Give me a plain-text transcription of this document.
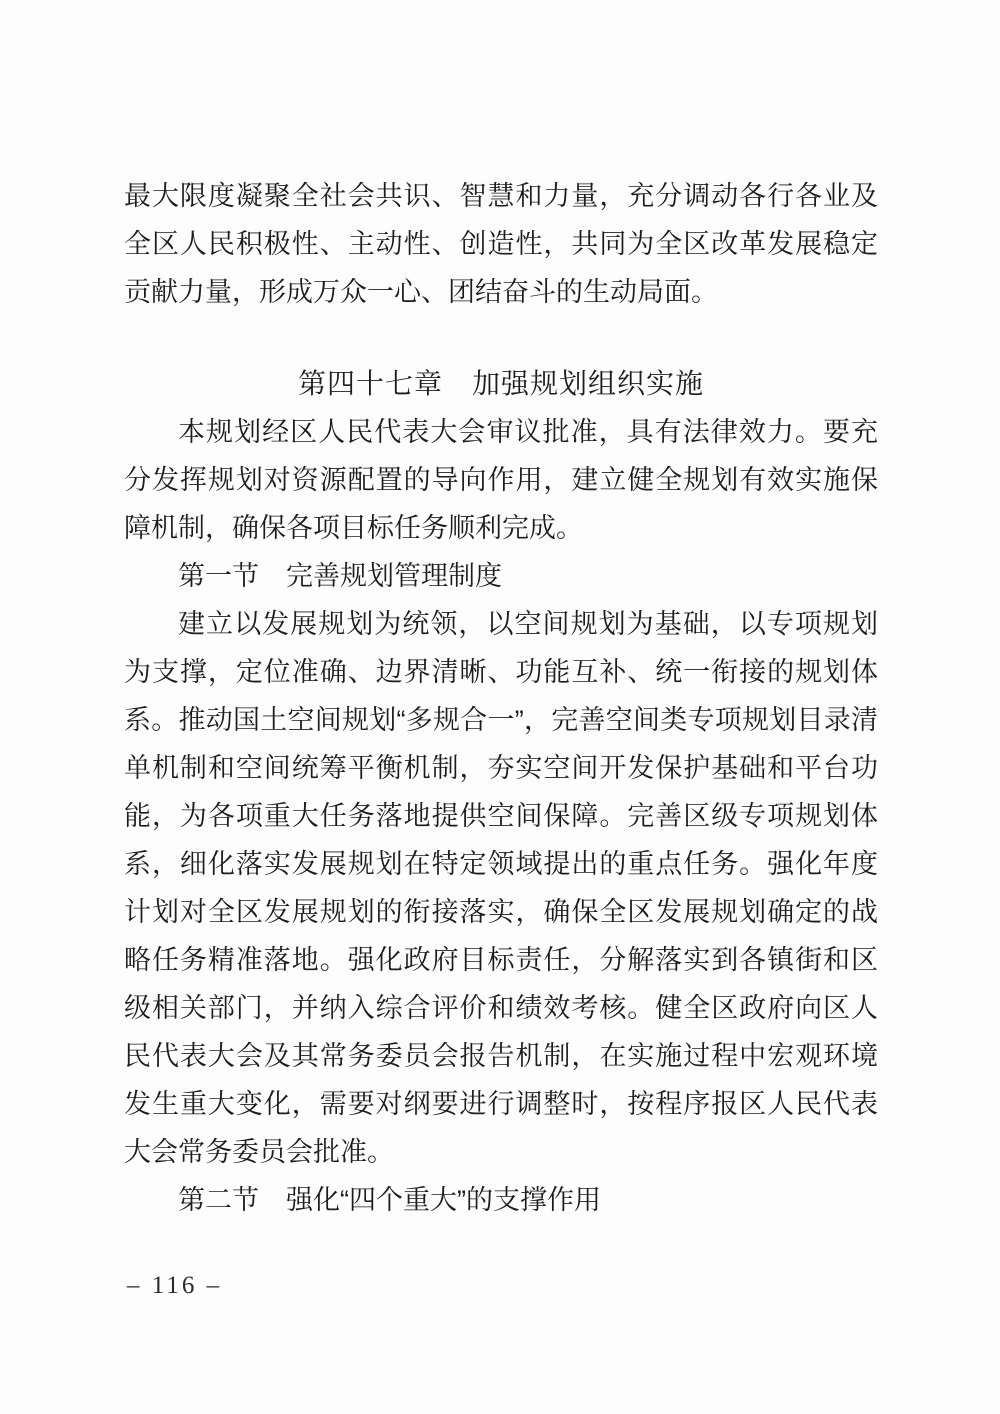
最大限度凝聚全社会共识、智慧和力量，充分调动各行各业及全区人民积极性、主动性、创造性，共同为全区改革发展稳定贡献力量，形成万众一心、团结奋斗的生动局面。

第四十七章　加强规划组织实施

本规划经区人民代表大会审议批准，具有法律效力。要充分发挥规划对资源配置的导向作用，建立健全规划有效实施保障机制，确保各项目标任务顺利完成。

第一节　完善规划管理制度

建立以发展规划为统领，以空间规划为基础，以专项规划为支撑，定位准确、边界清晰、功能互补、统一衔接的规划体系。推动国土空间规划“多规合一”，完善空间类专项规划目录清单机制和空间统筹平衡机制，夯实空间开发保护基础和平台功能，为各项重大任务落地提供空间保障。完善区级专项规划体系，细化落实发展规划在特定领域提出的重点任务。强化年度计划对全区发展规划的衔接落实，确保全区发展规划确定的战略任务精准落地。强化政府目标责任，分解落实到各镇街和区级相关部门，并纳入综合评价和绩效考核。健全区政府向区人民代表大会及其常务委员会报告机制，在实施过程中宏观环境发生重大变化，需要对纲要进行调整时，按程序报区人民代表大会常务委员会批准。

第二节　强化“四个重大”的支撑作用
– 116 –
